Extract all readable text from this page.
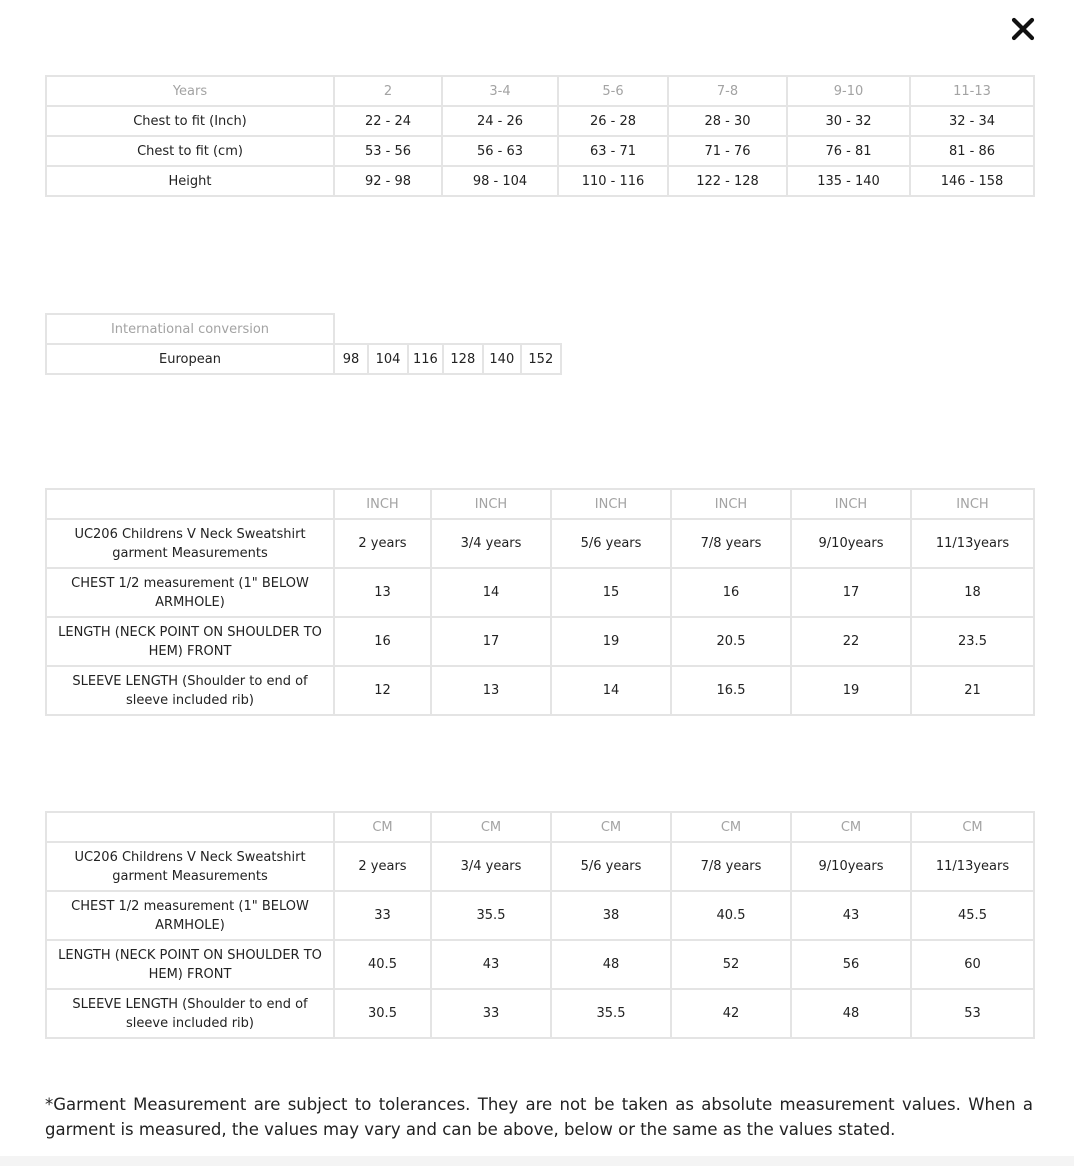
Years	2	3-4	5-6	7-8	9-10	11-13
Chest to fit (Inch)	22 - 24	24 - 26	26 - 28	28 - 30	30 - 32	32 - 34
Chest to fit (cm)	53 - 56	56 - 63	63 - 71	71 - 76	76 - 81	81 - 86
Height	92 - 98	98 - 104	110 - 116	122 - 128	135 - 140	146 - 158
International conversion						
European	98	104	116	128	140	152
	INCH	INCH	INCH	INCH	INCH	INCH
UC206 Childrens V Neck Sweatshirt garment Measurements	2 years	3/4 years	5/6 years	7/8 years	9/10years	11/13years
CHEST 1/2 measurement (1" BELOW ARMHOLE)	13	14	15	16	17	18
LENGTH (NECK POINT ON SHOULDER TO HEM) FRONT	16	17	19	20.5	22	23.5
SLEEVE LENGTH (Shoulder to end of sleeve included rib)	12	13	14	16.5	19	21
	CM	CM	CM	CM	CM	CM
UC206 Childrens V Neck Sweatshirt garment Measurements	2 years	3/4 years	5/6 years	7/8 years	9/10years	11/13years
CHEST 1/2 measurement (1" BELOW ARMHOLE)	33	35.5	38	40.5	43	45.5
LENGTH (NECK POINT ON SHOULDER TO HEM) FRONT	40.5	43	48	52	56	60
SLEEVE LENGTH (Shoulder to end of sleeve included rib)	30.5	33	35.5	42	48	53

*Garment Measurement are subject to tolerances. They are not be taken as absolute measurement values. When a garment is measured, the values may vary and can be above, below or the same as the values stated.
